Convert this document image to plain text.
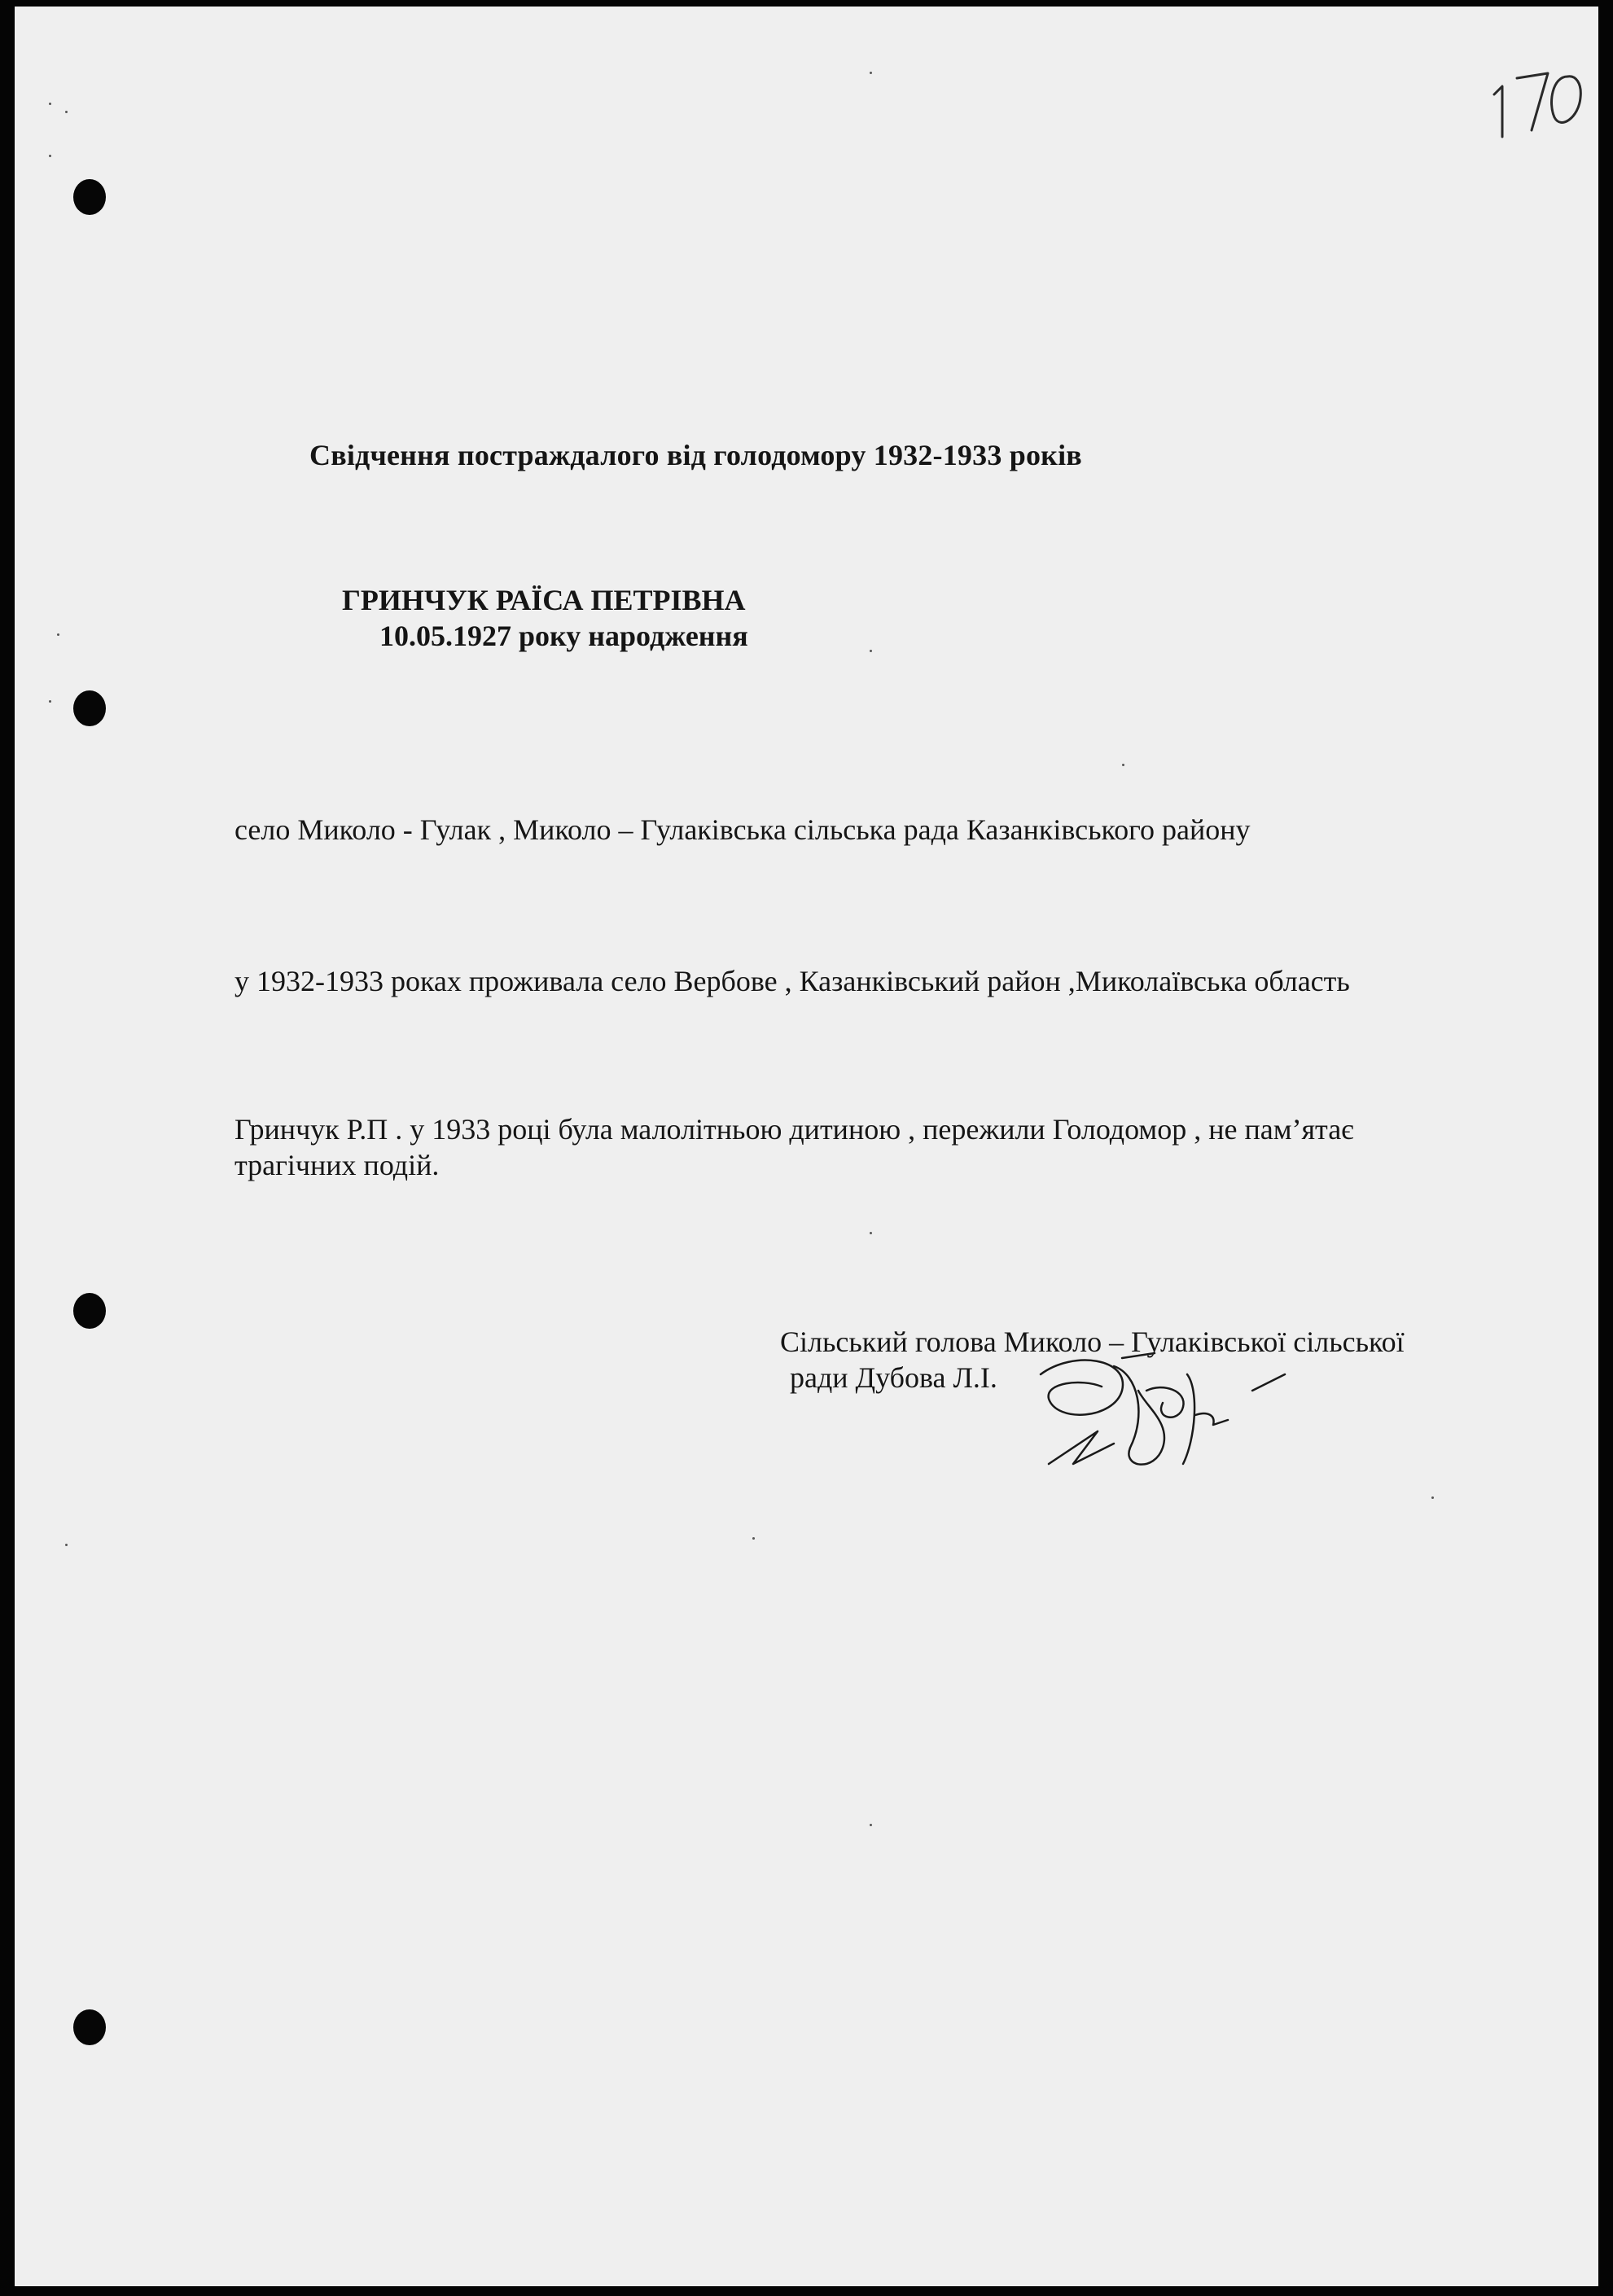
Свідчення постраждалого від голодомору 1932-1933 років
ГРИНЧУК РАЇСА ПЕТРІВНА
10.05.1927 року народження
село Миколо - Гулак , Миколо – Гулаківська сільська рада Казанківського району
у 1932-1933 роках проживала село Вербове , Казанківський район ,Миколаївська область
Гринчук Р.П . у 1933 році була малолітньою дитиною , пережили Голодомор , не пам’ятає
трагічних подій.
Сільський голова Миколо – Гулаківської сільської
ради Дубова Л.І.
